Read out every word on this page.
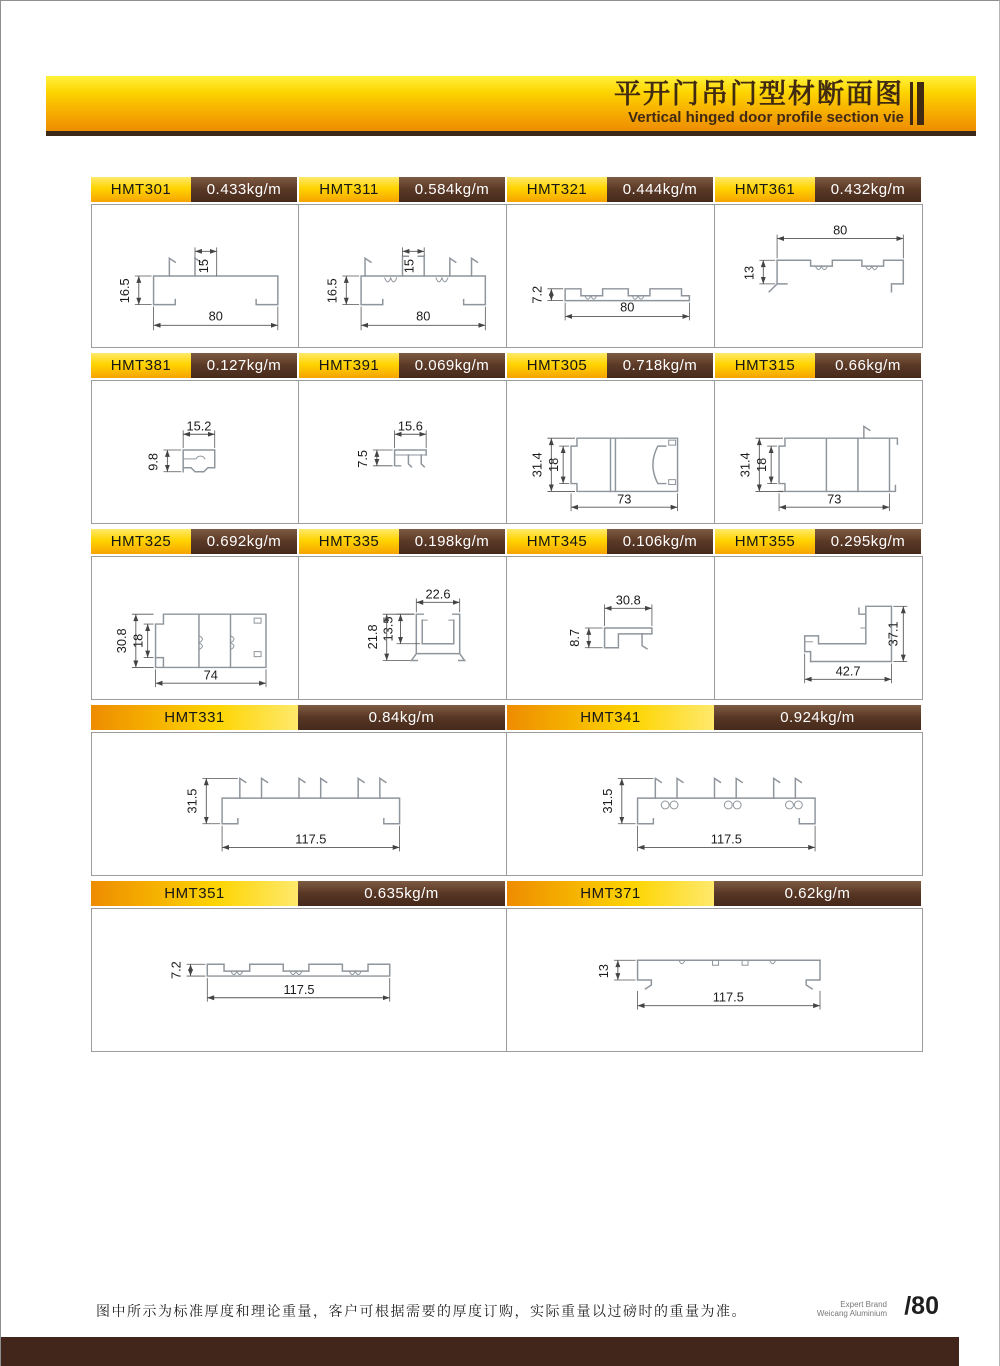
平开门吊门型材断面图
Vertical hinged door profile section vie
HMT301	0.433kg/m	HMT311	0.584kg/m	HMT321	0.444kg/m	HMT361	0.432kg/m
15
16.5
80
15
16.5
80
7.2
80
80
13
HMT381	0.127kg/m	HMT391	0.069kg/m	HMT305	0.718kg/m	HMT315	0.66kg/m
15.2
9.8
15.6
7.5	31.4 18
73
31.4 18
73
HMT325	0.692kg/m	HMT335	0.198kg/m	HMT345	0.106kg/m	HMT355	0.295kg/m
30.8 18
74
22.6
13.5
21.8
30.8
8.7	37.1
42.7
HMT331	0.84kg/m	HMT341	0.924kg/m
31.5
117.5
31.5
117.5
HMT351	0.635kg/m	HMT371	0.62kg/m
7.2
117.5
13
117.5
图中所示为标准厚度和理论重量，客户可根据需要的厚度订购，实际重量以过磅时的重量为准。	Expert Brand
Weicang Aluminium /80
